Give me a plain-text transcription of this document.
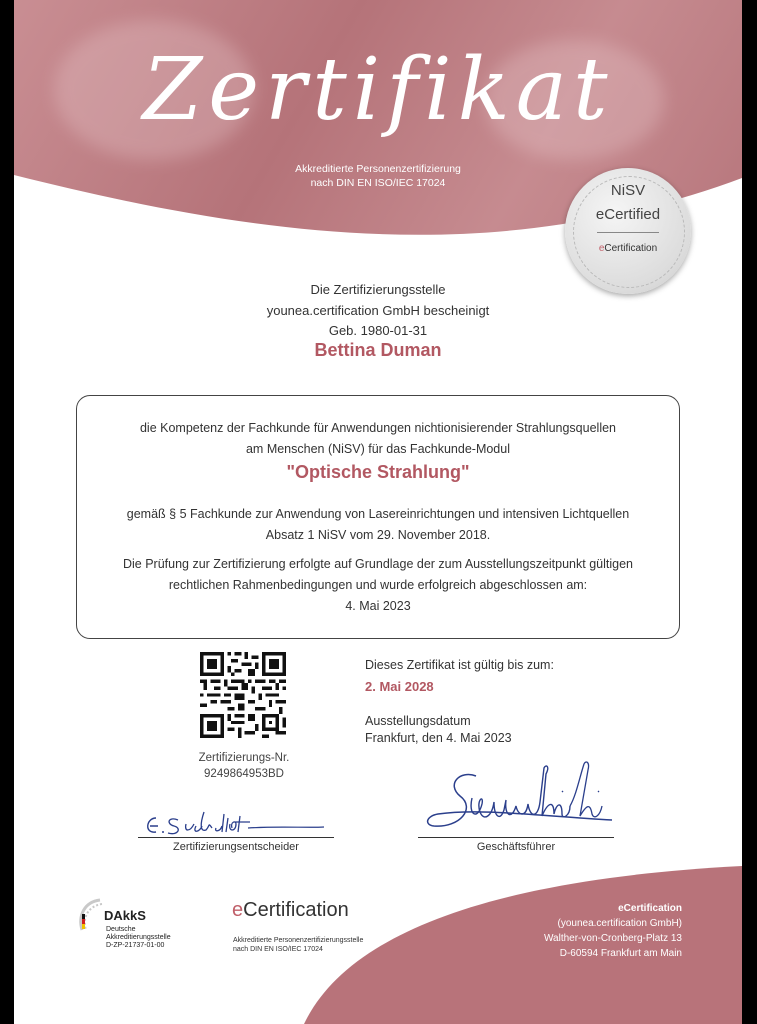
Zertifikat
Akkreditierte Personenzertifizierung
nach DIN EN ISO/IEC 17024	NiSV
eCertified
eCertification
Die Zertifizierungsstelle
younea.certification GmbH bescheinigt
Geb. 1980-01-31
Bettina Duman
die Kompetenz der Fachkunde für Anwendungen nichtionisierender Strahlungsquellen
am Menschen (NiSV) für das Fachkunde-Modul
"Optische Strahlung"
gemäß § 5 Fachkunde zur Anwendung von Lasereinrichtungen und intensiven Lichtquellen
Absatz 1 NiSV vom 29. November 2018.
Die Prüfung zur Zertifizierung erfolgte auf Grundlage der zum Ausstellungszeitpunkt gültigen
rechtlichen Rahmenbedingungen und wurde erfolgreich abgeschlossen am:
4. Mai 2023
Zertifizierungs-Nr.
9249864953BD
Dieses Zertifikat ist gültig bis zum:
2. Mai 2028
Ausstellungsdatum
Frankfurt, den 4. Mai 2023
Zertifizierungsentscheider	Geschäftsführer
DAkkS
Deutsche
Akkreditierungsstelle
D-ZP-21737-01-00
eCertification
Akkreditierte Personenzertifizierungsstelle
nach DIN EN ISO/IEC 17024
eCertification
(younea.certification GmbH)
Walther-von-Cronberg-Platz 13
D-60594 Frankfurt am Main
